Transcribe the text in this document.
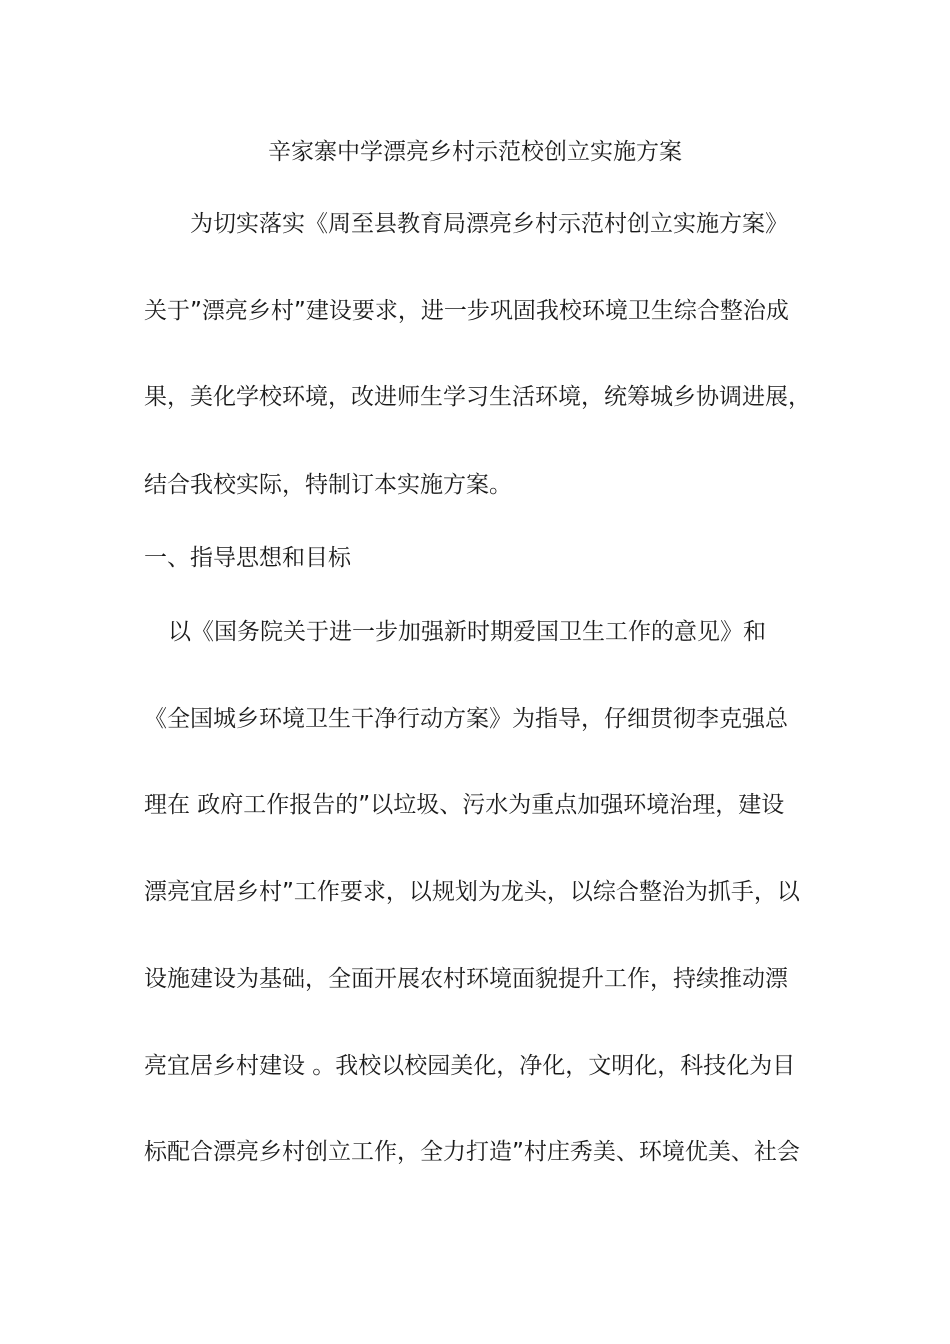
辛家寨中学漂亮乡村示范校创立实施方案
为切实落实《周至县教育局漂亮乡村示范村创立实施方案》
关于”漂亮乡村”建设要求，进一步巩固我校环境卫生综合整治成
果，美化学校环境，改进师生学习生活环境，统筹城乡协调进展，
结合我校实际，特制订本实施方案。
一、指导思想和目标
以《国务院关于进一步加强新时期爱国卫生工作的意见》和
《全国城乡环境卫生干净行动方案》为指导，仔细贯彻李克强总
理在 政府工作报告的”以垃圾、污水为重点加强环境治理，建设
漂亮宜居乡村”工作要求，以规划为龙头，以综合整治为抓手，以
设施建设为基础，全面开展农村环境面貌提升工作，持续推动漂
亮宜居乡村建设 。我校以校园美化，净化，文明化，科技化为目
标配合漂亮乡村创立工作，全力打造”村庄秀美、环境优美、社会
